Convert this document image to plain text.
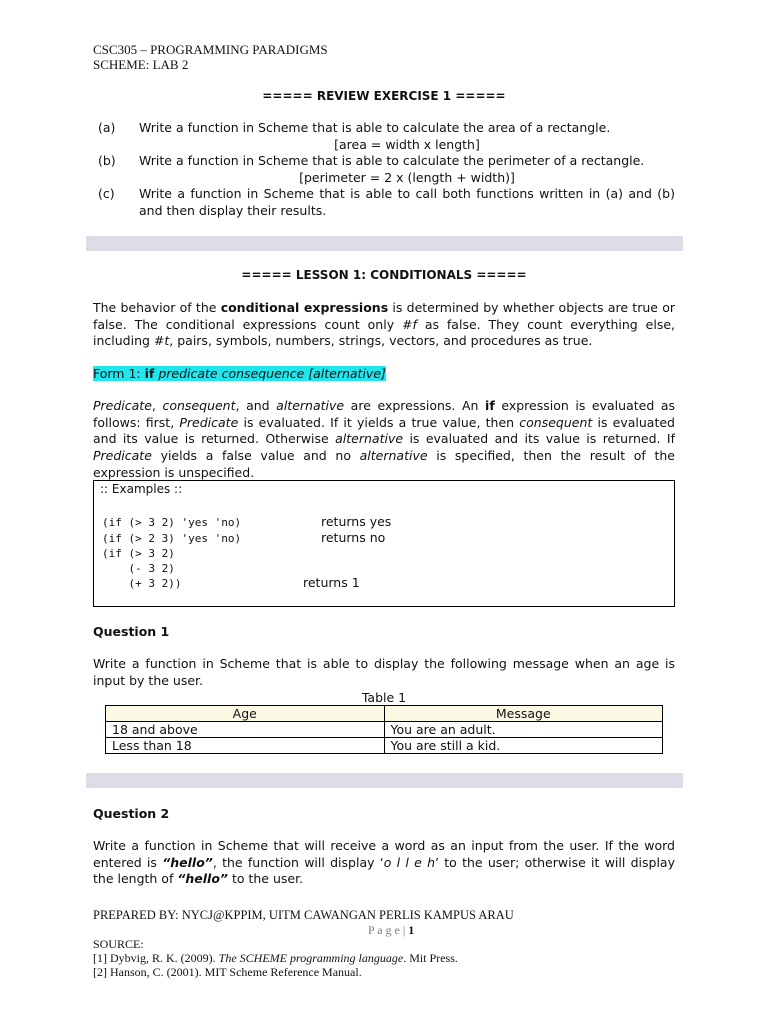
CSC305 – PROGRAMMING PARADIGMS
SCHEME: LAB 2
===== REVIEW EXERCISE 1 =====
(a)	Write a function in Scheme that is able to calculate the area of a rectangle.
[area = width x length]
(b)	Write a function in Scheme that is able to calculate the perimeter of a rectangle.
[perimeter = 2 x (length + width)]
(c)	Write a function in Scheme that is able to call both functions written in (a) and (b) and then display their results.
===== LESSON 1: CONDITIONALS =====
The behavior of the conditional expressions is determined by whether objects are true or false. The conditional expressions count only #f as false. They count everything else, including #t, pairs, symbols, numbers, strings, vectors, and procedures as true.
Form 1: if predicate consequence [alternative]
Predicate, consequent, and alternative are expressions. An if expression is evaluated as follows: first, Predicate is evaluated. If it yields a true value, then consequent is evaluated and its value is returned. Otherwise alternative is evaluated and its value is returned. If Predicate yields a false value and no alternative is specified, then the result of the expression is unspecified.
:: Examples ::
(if (> 3 2) 'yes 'no)
(if (> 2 3) 'yes 'no)
(if (> 3 2)
(- 3 2)
(+ 3 2))
returns yes
returns no
returns 1
Question 1
Write a function in Scheme that is able to display the following message when an age is input by the user.
Table 1
Age	Message
18 and above	You are an adult.
Less than 18	You are still a kid.
Question 2
Write a function in Scheme that will receive a word as an input from the user. If the word entered is “hello”, the function will display ‘o l l e h’ to the user; otherwise it will display the length of “hello” to the user.
PREPARED BY: NYCJ@KPPIM, UITM CAWANGAN PERLIS KAMPUS ARAU
P a g e | 1
SOURCE:
[1] Dybvig, R. K. (2009). The SCHEME programming language. Mit Press.
[2] Hanson, C. (2001). MIT Scheme Reference Manual.
